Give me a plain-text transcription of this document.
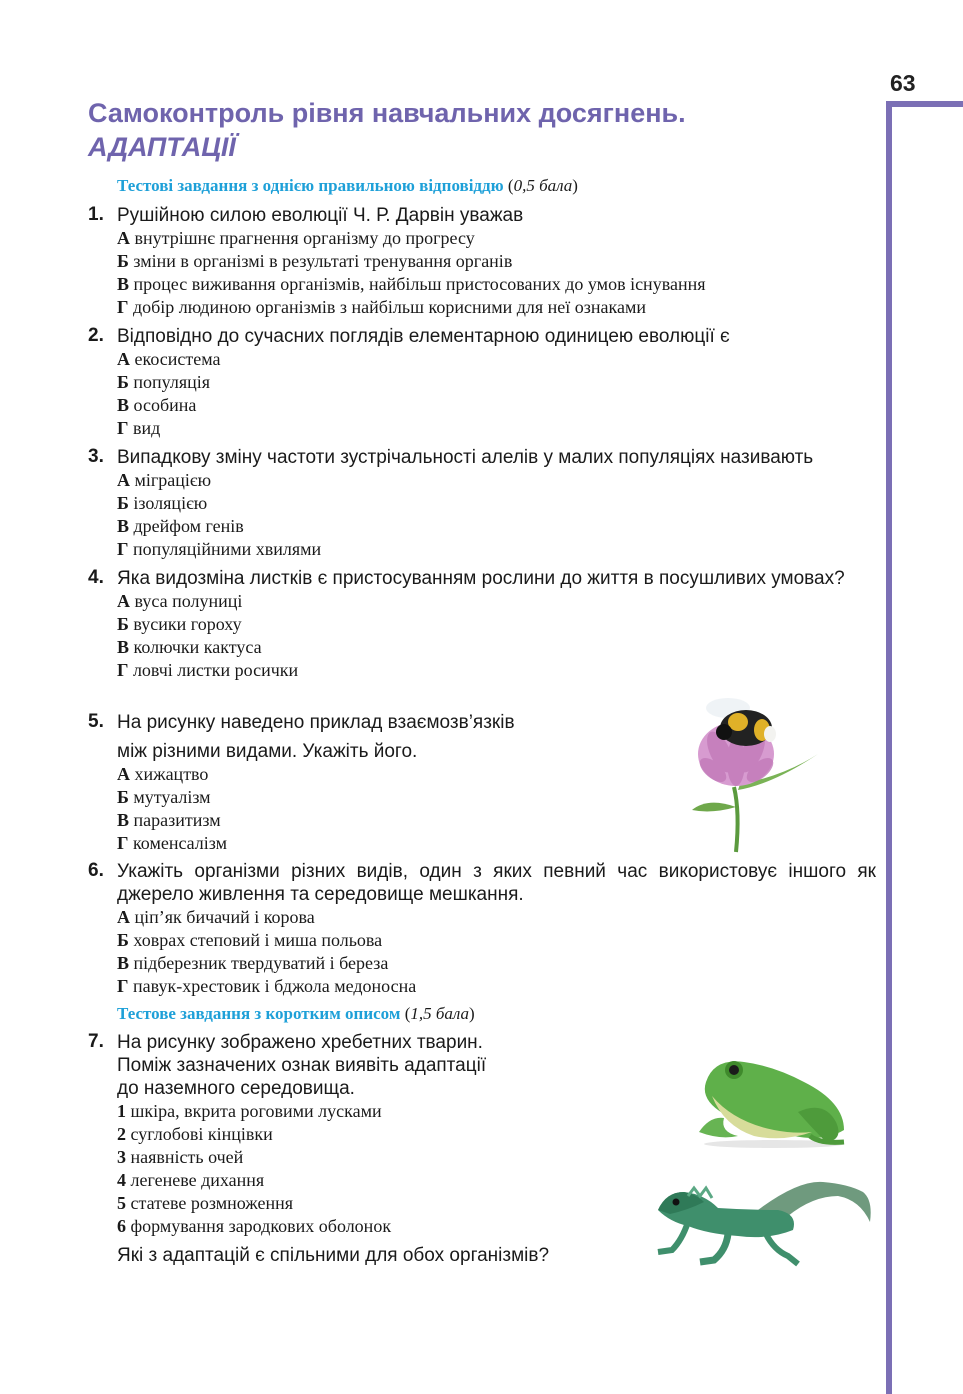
63
Самоконтроль рівня навчальних досягнень.
АДАПТАЦІЇ
Тестові завдання з однією правильною відповіддю (0,5 бала)
1. Рушійною силою еволюції Ч. Р. Дарвін уважав
А внутрішнє прагнення організму до прогресу
Б зміни в організмі в результаті тренування органів
В процес виживання організмів, найбільш пристосованих до умов існування
Г добір людиною організмів з найбільш корисними для неї ознаками
2. Відповідно до сучасних поглядів елементарною одиницею еволюції є
А екосистема
Б популяція
В особина
Г вид
3. Випадкову зміну частоти зустрічальності алелів у малих популяціях називають
А міграцією
Б ізоляцією
В дрейфом генів
Г популяційними хвилями
4. Яка видозміна листків є пристосуванням рослини до життя в посушливих умовах?
А вуса полуниці
Б вусики гороху
В колючки кактуса
Г ловчі листки росички
5. На рисунку наведено приклад взаємозв’язків
між різними видами. Укажіть його.
А хижацтво
Б мутуалізм
В паразитизм
Г коменсалізм
6. Укажіть організми різних видів, один з яких певний час використовує іншого як джерело живлення та середовище мешкання.
А ціп’як бичачий і корова
Б ховрах степовий і миша польова
В підберезник твердуватий і береза
Г павук-хрестовик і бджола медоносна
Тестове завдання з коротким описом (1,5 бала)
7. На рисунку зображено хребетних тварин.
Поміж зазначених ознак виявіть адаптації
до наземного середовища.
1 шкіра, вкрита роговими лусками
2 суглобові кінцівки
3 наявність очей
4 легеневе дихання
5 статеве розмноження
6 формування зародкових оболонок
Які з адаптацій є спільними для обох організмів?
